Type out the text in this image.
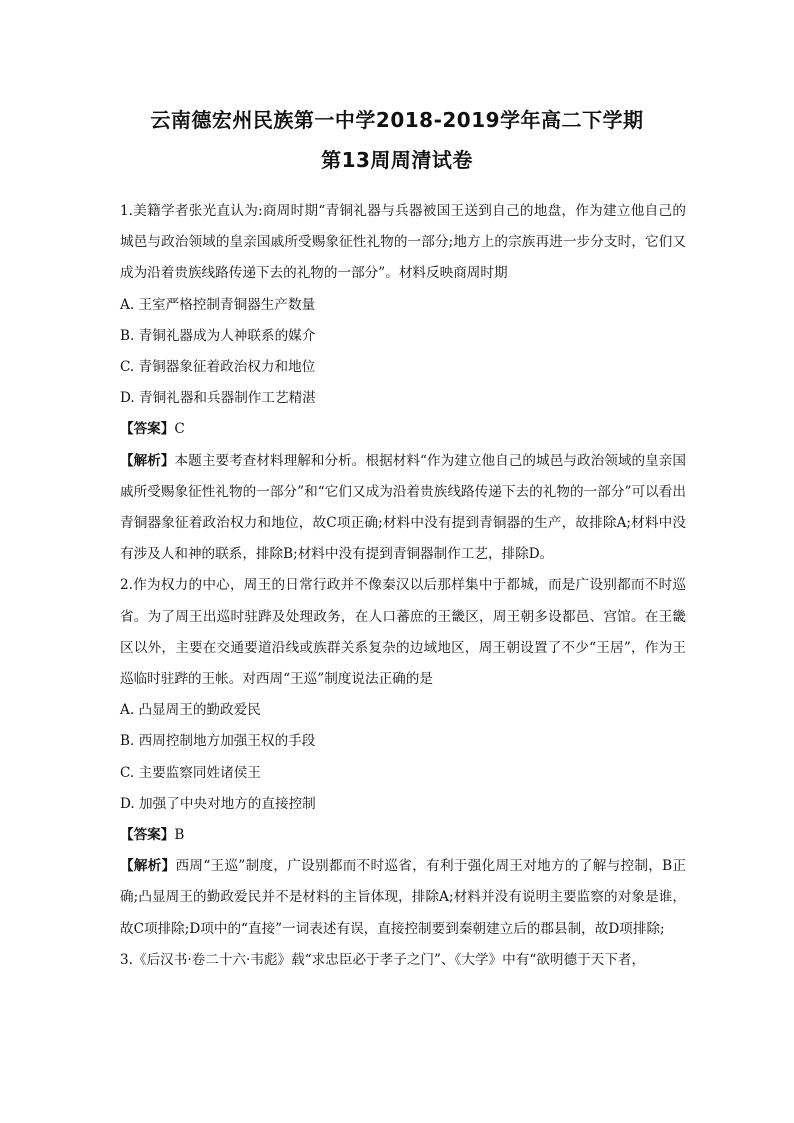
云南德宏州民族第一中学2018-2019学年高二下学期
第13周周清试卷

1.美籍学者张光直认为:商周时期“青铜礼器与兵器被国王送到自己的地盘，作为建立他自己的城邑与政治领域的皇亲国戚所受赐象征性礼物的一部分;地方上的宗族再进一步分支时，它们又成为沿着贵族线路传递下去的礼物的一部分”。材料反映商周时期

A. 王室严格控制青铜器生产数量

B. 青铜礼器成为人神联系的媒介

C. 青铜器象征着政治权力和地位

D. 青铜礼器和兵器制作工艺精湛

【答案】C

【解析】本题主要考查材料理解和分析。根据材料“作为建立他自己的城邑与政治领域的皇亲国戚所受赐象征性礼物的一部分”和“它们又成为沿着贵族线路传递下去的礼物的一部分”可以看出青铜器象征着政治权力和地位，故C项正确;材料中没有提到青铜器的生产，故排除A;材料中没有涉及人和神的联系，排除B;材料中没有提到青铜器制作工艺，排除D。

2.作为权力的中心，周王的日常行政并不像秦汉以后那样集中于都城，而是广设别都而不时巡省。为了周王出巡时驻跸及处理政务，在人口蕃庶的王畿区，周王朝多设都邑、宫馆。在王畿区以外，主要在交通要道沿线或族群关系复杂的边域地区，周王朝设置了不少“王居”，作为王巡临时驻跸的王帐。对西周“王巡”制度说法正确的是

A. 凸显周王的勤政爱民

B. 西周控制地方加强王权的手段

C. 主要监察同姓诸侯王

D. 加强了中央对地方的直接控制

【答案】B

【解析】西周“王巡”制度，广设别都而不时巡省，有利于强化周王对地方的了解与控制，B正确;凸显周王的勤政爱民并不是材料的主旨体现，排除A;材料并没有说明主要监察的对象是谁，故C项排除;D项中的“直接”一词表述有误，直接控制要到秦朝建立后的郡县制，故D项排除;

3.《后汉书·卷二十六·韦彪》载“求忠臣必于孝子之门”、《大学》中有“欲明德于天下者，
